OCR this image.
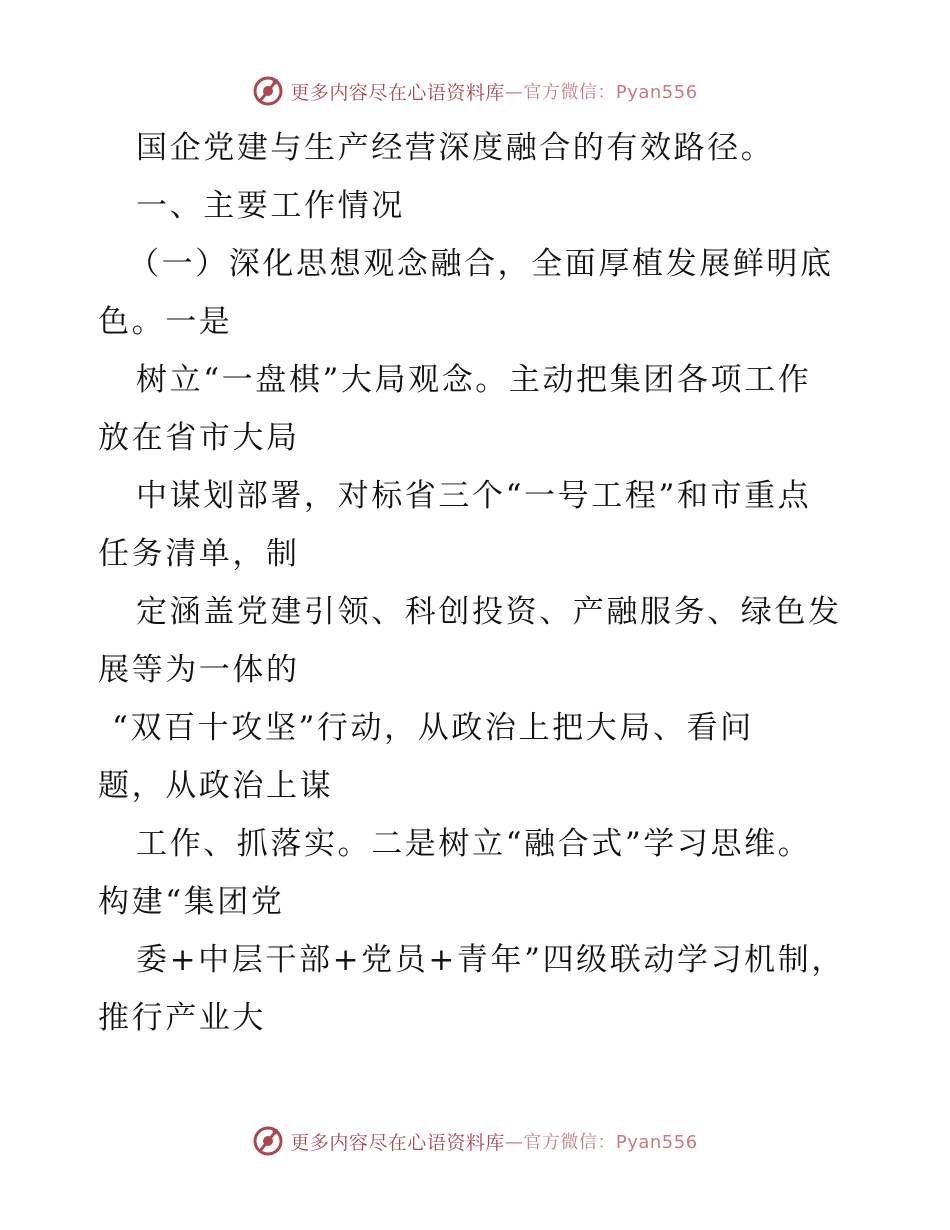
更多内容尽在心语资料库 —官方微信：Pyan556
国企党建与生产经营深度融合的有效路径。
一、主要工作情况
（一）深化思想观念融合，全面厚植发展鲜明底
色。一是
树立“一盘棋”大局观念。主动把集团各项工作
放在省市大局
中谋划部署，对标省三个“一号工程”和市重点
任务清单，制
定涵盖党建引领、科创投资、产融服务、绿色发
展等为一体的
“双百十攻坚”行动，从政治上把大局、看问
题，从政治上谋
工作、抓落实。二是树立“融合式”学习思维。
构建“集团党
委+中层干部+党员+青年”四级联动学习机制，
推行产业大
更多内容尽在心语资料库 —官方微信：Pyan556
